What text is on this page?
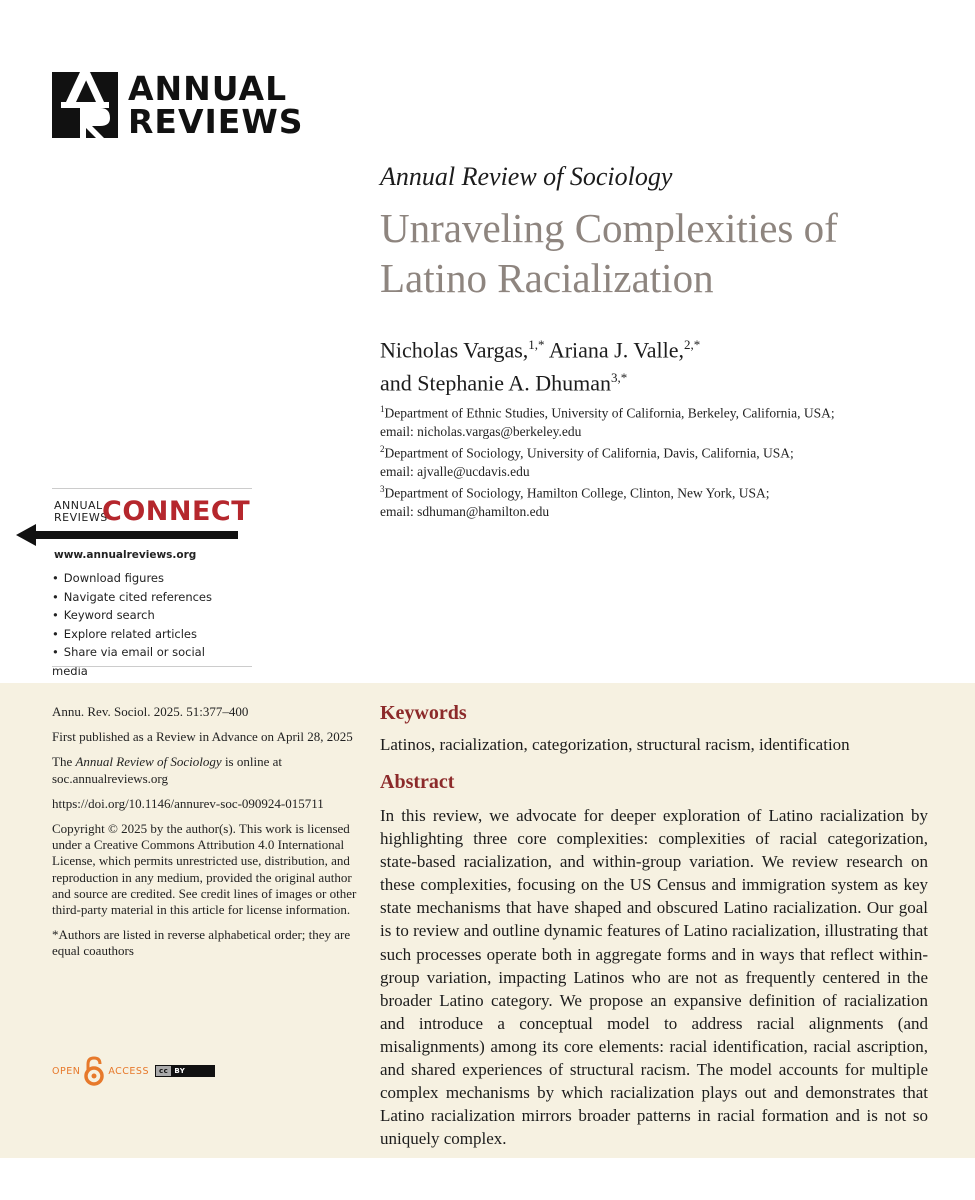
ANNUAL
REVIEWS
Annual Review of Sociology
Unraveling Complexities of Latino Racialization
Nicholas Vargas,$^{1,*}$ Ariana J. Valle,$^{2,*}$
and Stephanie A. Dhuman$^{3,*}$
$^1$Department of Ethnic Studies, University of California, Berkeley, California, USA;
email: nicholas.vargas@berkeley.edu
$^2$Department of Sociology, University of California, Davis, California, USA;
email: ajvalle@ucdavis.edu
$^3$Department of Sociology, Hamilton College, Clinton, New York, USA;
email: sdhuman@hamilton.edu
ANNUAL
REVIEWS
CONNECT
www.annualreviews.org
• Download figures
• Navigate cited references
• Keyword search
• Explore related articles
• Share via email or social media

Annu. Rev. Sociol. 2025. 51:377–400

First published as a Review in Advance on April 28, 2025

The Annual Review of Sociology is online at soc.annualreviews.org

https://doi.org/10.1146/annurev-soc-090924-015711

Copyright © 2025 by the author(s). This work is licensed under a Creative Commons Attribution 4.0 International License, which permits unrestricted use, distribution, and reproduction in any medium, provided the original author and source are credited. See credit lines of images or other third-party material in this article for license information.

*Authors are listed in reverse alphabetical order; they are equal coauthors

OPEN	ACCESS	cc BY
Keywords
Latinos, racialization, categorization, structural racism, identification
Abstract
In this review, we advocate for deeper exploration of Latino racialization by highlighting three core complexities: complexities of racial categorization, state-based racialization, and within-group variation. We review research on these complexities, focusing on the US Census and immigration system as key state mechanisms that have shaped and obscured Latino racialization. Our goal is to review and outline dynamic features of Latino racialization, illustrating that such processes operate both in aggregate forms and in ways that reflect within-group variation, impacting Latinos who are not as frequently centered in the broader Latino category. We propose an expansive definition of racialization and introduce a conceptual model to address racial alignments (and misalignments) among its core elements: racial identification, racial ascription, and shared experiences of structural racism. The model accounts for multiple complex mechanisms by which racialization plays out and demonstrates that Latino racialization mirrors broader patterns in racial formation and is not so uniquely complex.
